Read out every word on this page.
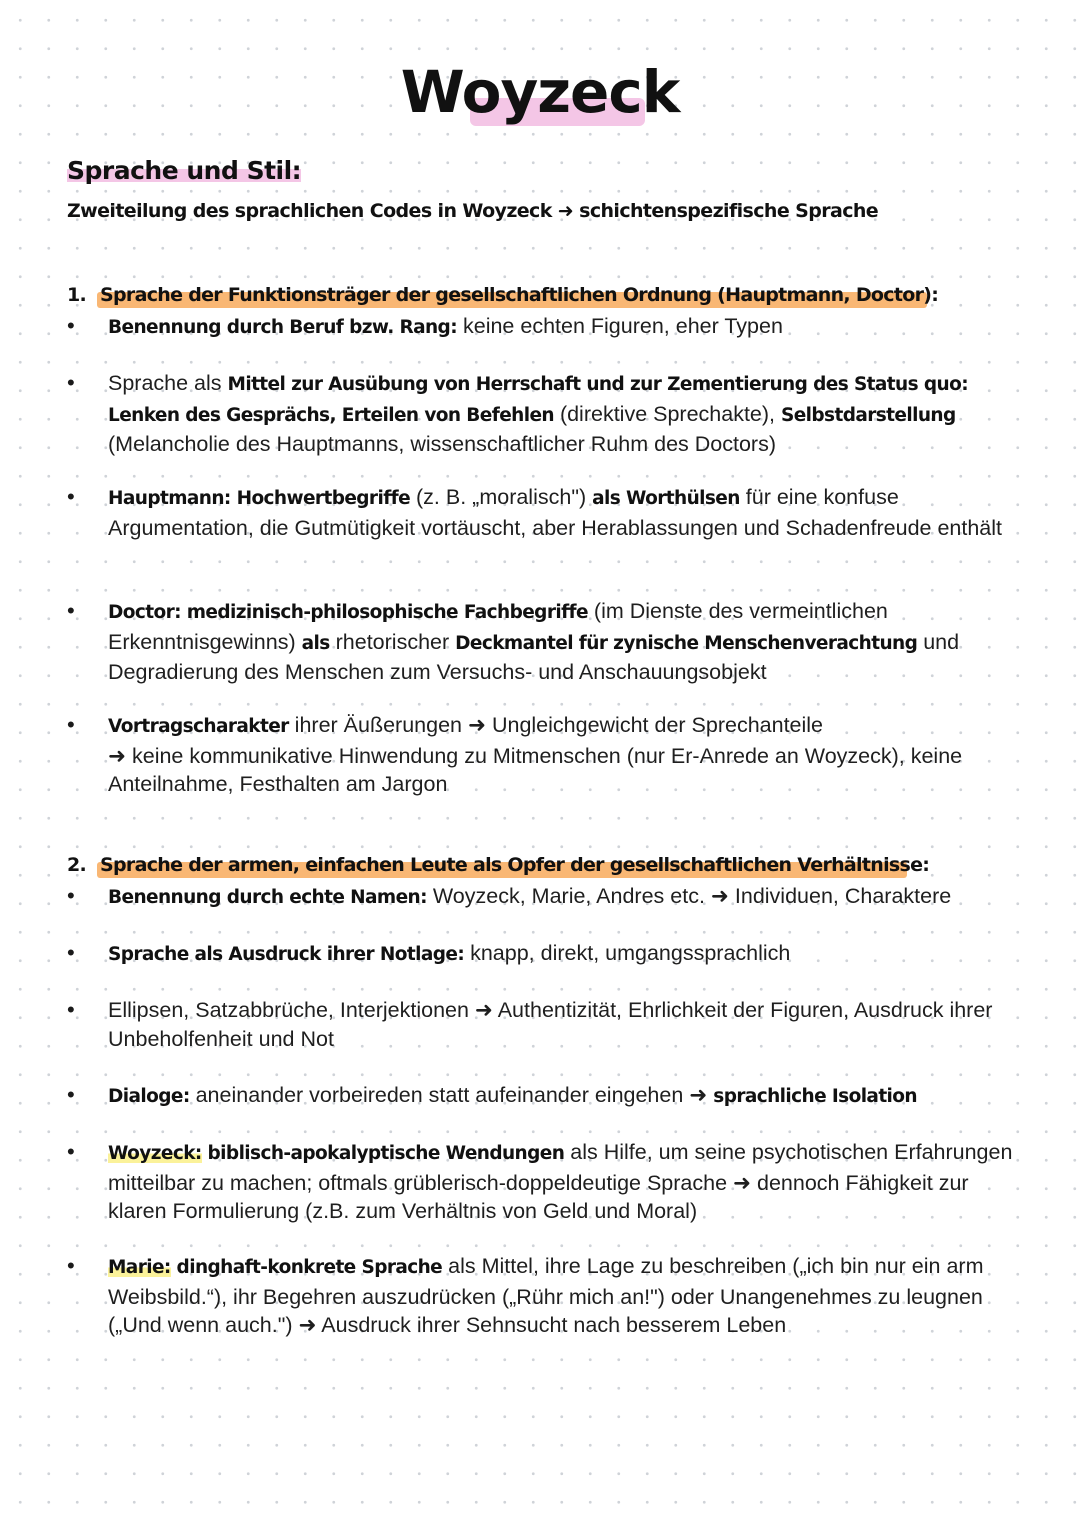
Woyzeck
Sprache und Stil:
Zweiteilung des sprachlichen Codes in Woyzeck ➜ schichtenspezifische Sprache
1. Sprache der Funktionsträger der gesellschaftlichen Ordnung (Hauptmann, Doctor):
• Benennung durch Beruf bzw. Rang: keine echten Figuren, eher Typen
• Sprache als Mittel zur Ausübung von Herrschaft und zur Zementierung des Status quo:
Lenken des Gesprächs, Erteilen von Befehlen (direktive Sprechakte), Selbstdarstellung
(Melancholie des Hauptmanns, wissenschaftlicher Ruhm des Doctors)
• Hauptmann: Hochwertbegriffe (z. B. „moralisch") als Worthülsen für eine konfuse Argumentation, die Gutmütigkeit vortäuscht, aber Herablassungen und Schadenfreude enthält
• Doctor: medizinisch-philosophische Fachbegriffe (im Dienste des vermeintlichen Erkenntnisgewinns) als rhetorischer Deckmantel für zynische Menschenverachtung und Degradierung des Menschen zum Versuchs- und Anschauungsobjekt
• Vortragscharakter ihrer Äußerungen ➜ Ungleichgewicht der Sprechanteile
➜ keine kommunikative Hinwendung zu Mitmenschen (nur Er-Anrede an Woyzeck), keine Anteilnahme, Festhalten am Jargon
2. Sprache der armen, einfachen Leute als Opfer der gesellschaftlichen Verhältnisse:
• Benennung durch echte Namen: Woyzeck, Marie, Andres etc. ➜ Individuen, Charaktere
• Sprache als Ausdruck ihrer Notlage: knapp, direkt, umgangssprachlich
• Ellipsen, Satzabbrüche, Interjektionen ➜ Authentizität, Ehrlichkeit der Figuren, Ausdruck ihrer Unbeholfenheit und Not
• Dialoge: aneinander vorbeireden statt aufeinander eingehen ➜ sprachliche Isolation
• Woyzeck: biblisch-apokalyptische Wendungen als Hilfe, um seine psychotischen Erfahrungen mitteilbar zu machen; oftmals grüblerisch-doppeldeutige Sprache ➜ dennoch Fähigkeit zur klaren Formulierung (z.B. zum Verhältnis von Geld und Moral)
• Marie: dinghaft-konkrete Sprache als Mittel, ihre Lage zu beschreiben („ich bin nur ein arm Weibsbild.“), ihr Begehren auszudrücken („Rühr mich an!") oder Unangenehmes zu leugnen („Und wenn auch.") ➜ Ausdruck ihrer Sehnsucht nach besserem Leben
